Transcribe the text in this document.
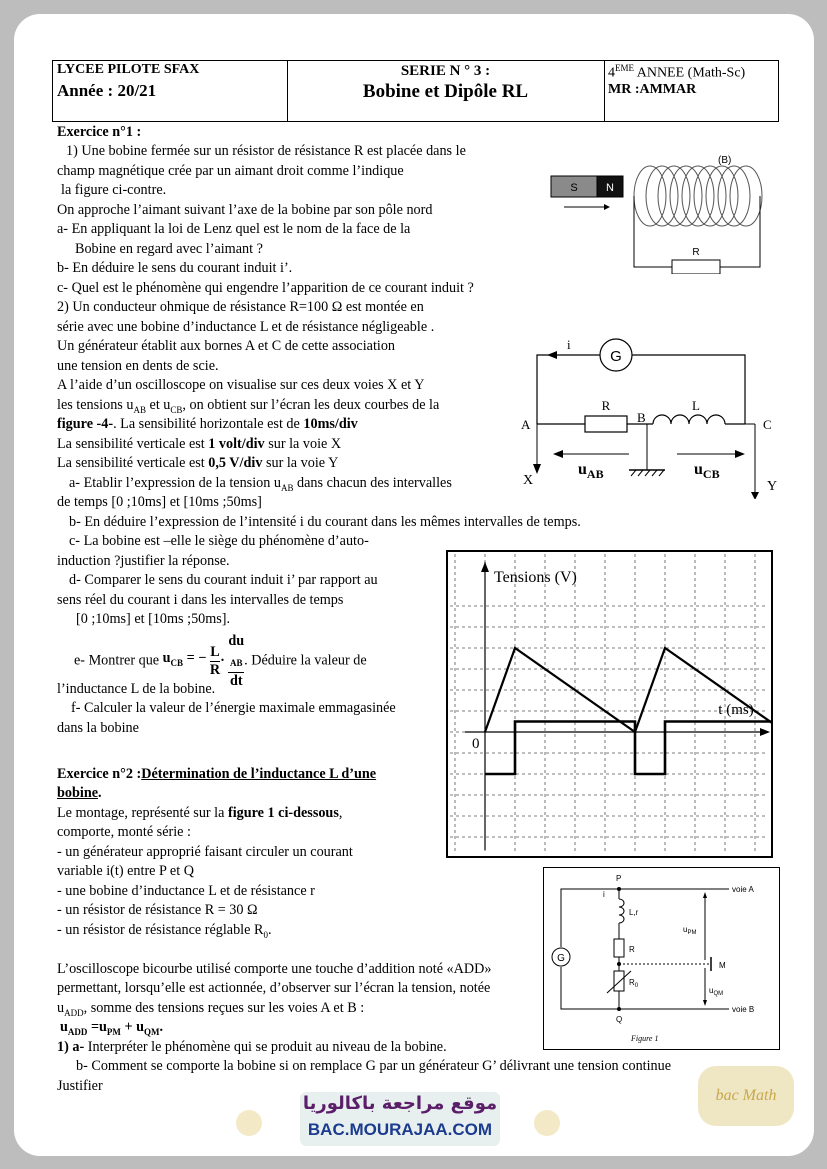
LYCEE PILOTE SFAX
Année : 20/21
SERIE N ° 3 :
Bobine et Dipôle RL
4EME ANNEE (Math-Sc)
MR :AMMAR
Exercice n°1 :
1) Une bobine fermée sur un résistor de résistance R est placée dans le
champ magnétique crée par un aimant droit comme l’indique
la figure ci-contre.
On approche l’aimant suivant l’axe de la bobine par son pôle nord
a- En appliquant la loi de Lenz quel est le nom de la face de la
Bobine en regard avec l’aimant ?
b- En déduire le sens du courant induit i’.
c- Quel est le phénomène qui engendre l’apparition de ce courant induit ?
2) Un conducteur ohmique de résistance R=100 Ω est montée en
série avec une bobine d’inductance L et de résistance négligeable .
Un générateur établit aux bornes A et C de cette association
une tension en dents de scie.
A l’aide d’un oscilloscope on visualise sur ces deux voies X et Y
les tensions $u_{AB}$ et $u_{CB}$, on obtient sur l’écran les deux courbes de la
figure -4-. La sensibilité horizontale est de 10ms/div
La sensibilité verticale est 1 volt/div sur la voie X
La sensibilité verticale est 0,5 V/div sur la voie Y
a- Etablir l’expression de la tension $u_{AB}$ dans chacun des intervalles
de temps [0 ;10ms] et [10ms ;50ms]
b- En déduire l’expression de l’intensité i du courant dans les mêmes intervalles de temps.
c- La bobine est –elle le siège du phénomène d’auto-
induction ?justifier la réponse.
d- Comparer le sens du courant induit i’ par rapport au
sens réel du courant i dans les intervalles de temps
[0 ;10ms] et [10ms ;50ms].
e- Montrer que $u_{CB}$ = − $\frac{L}{R}$ · du
$_{AB}$
dt . Déduire la valeur de
l’inductance L de la bobine.
f- Calculer la valeur de l’énergie maximale emmagasinée
dans la bobine
Exercice n°2 :Détermination de l’inductance L d’une
bobine.
Le montage, représenté sur la figure 1 ci-dessous,
comporte, monté série :
- un générateur approprié faisant circuler un courant
variable i(t) entre P et Q
- une bobine d’inductance L et de résistance r
- un résistor de résistance R = 30 Ω
- un résistor de résistance réglable $R_0$.
L’oscilloscope bicourbe utilisé comporte une touche d’addition noté «ADD»
permettant, lorsqu’elle est actionnée, d’observer sur l’écran la tension, notée
$u_{ADD}$, somme des tensions reçues sur les voies A et B :
$u_{ADD} =u_{PM} + u_{QM}$.
1) a- Interpréter le phénomène qui se produit au niveau de la bobine.
b- Comment se comporte la bobine si on remplace G par un générateur G’ délivrant une tension continue
Justifier
S	N
(B)
R
i
G
R	L
A	B	C
X	Y
$u_{AB}$	$u_{CB}$
Tensions (V)
t (ms)
0
G
P
i
voie A
voie B
L,r
R
M
$R_0$
Q
$u_{PM}$
$u_{QM}$
Figure 1
موقع مراجعة باكالوريا
BAC.MOURAJAA.COM
bac Math
